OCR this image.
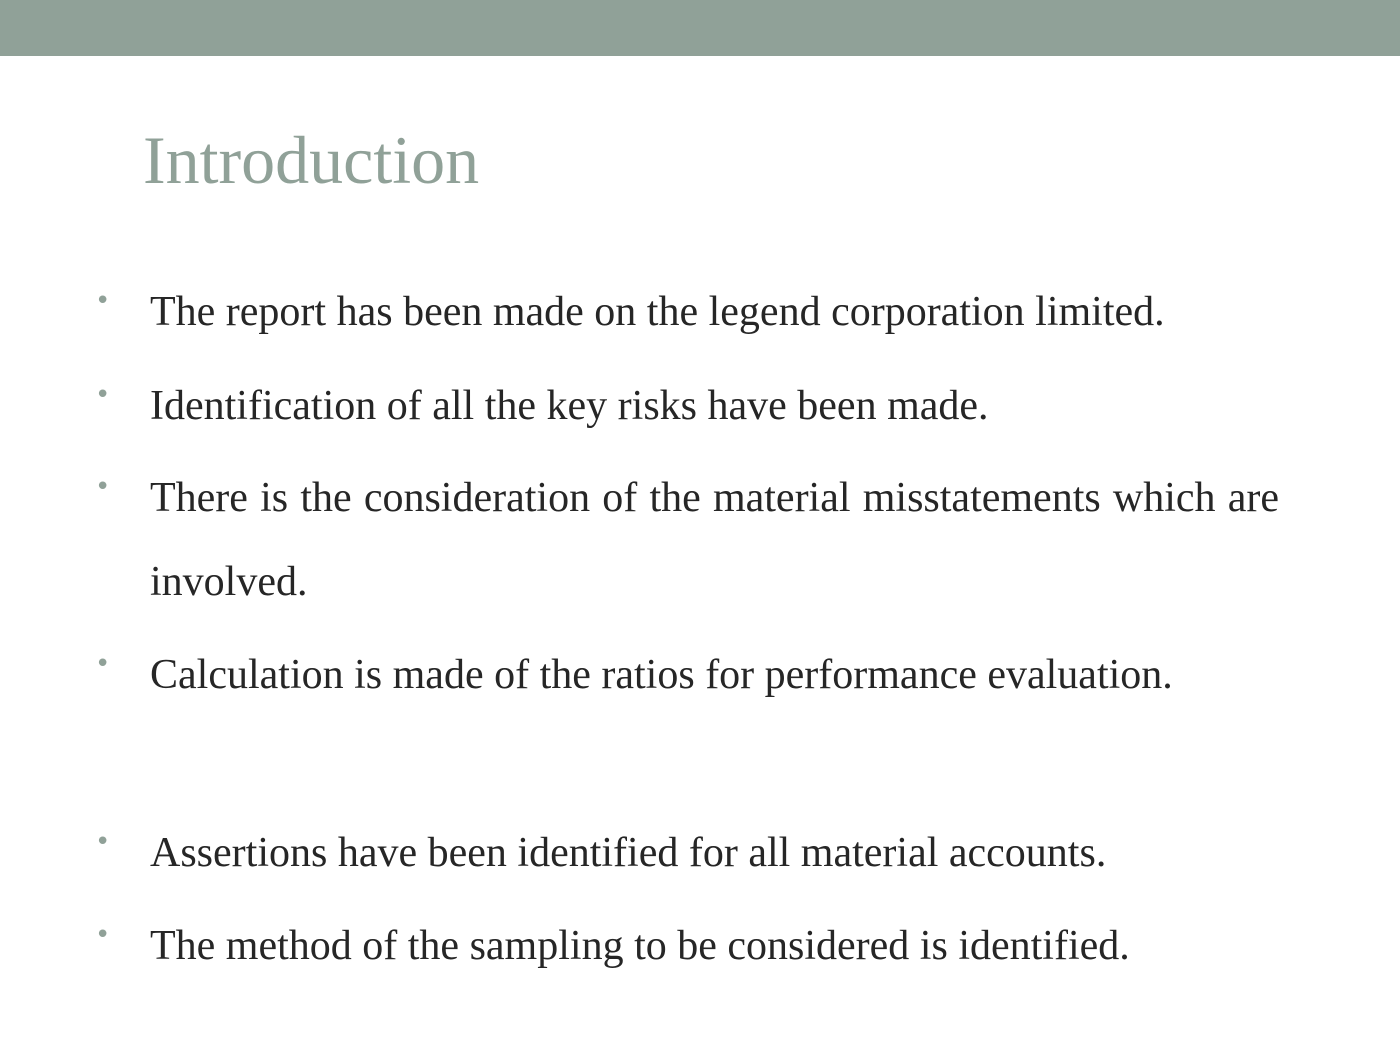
Introduction
• The report has been made on the legend corporation limited.
• Identification of all the key risks have been made.
• There is the consideration of the material misstatements which are involved.
• Calculation is made of the ratios for performance evaluation.
• Assertions have been identified for all material accounts.
• The method of the sampling to be considered is identified.
